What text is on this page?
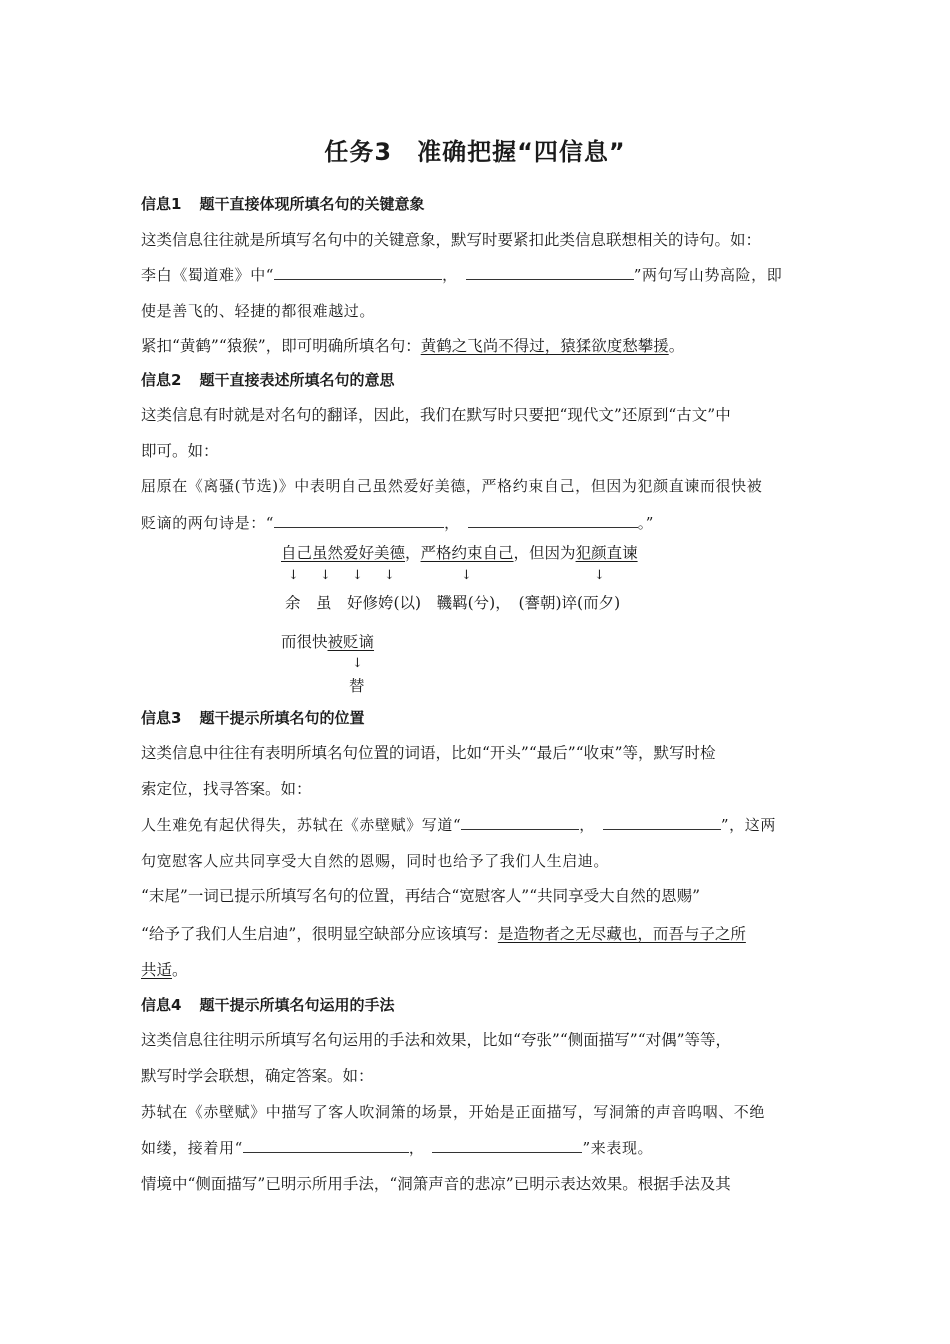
任务3　准确把握“四信息”
信息1 题干直接体现所填名句的关键意象
这类信息往往就是所填写名句中的关键意象，默写时要紧扣此类信息联想相关的诗句。如：
李白《蜀道难》中“	，	”两句写山势高险，即
使是善飞的、轻捷的都很难越过。
紧扣“黄鹤”“猿猴”，即可明确所填名句：黄鹤之飞尚不得过，猿猱欲度愁攀援。
信息2 题干直接表述所填名句的意思
这类信息有时就是对名句的翻译，因此，我们在默写时只要把“现代文”还原到“古文”中
即可。如：
屈原在《离骚(节选)》中表明自己虽然爱好美德，严格约束自己，但因为犯颜直谏而很快被
贬谪的两句诗是：“	，	。”
自己虽然爱好美德，严格约束自己，但因为犯颜直谏
↓ ↓ ↓ ↓	↓	↓
余　虽　好修姱(以)　鞿羁(兮)，　(謇朝)谇(而夕)
而很快被贬谪
↓
替
信息3 题干提示所填名句的位置
这类信息中往往有表明所填名句位置的词语，比如“开头”“最后”“收束”等，默写时检
索定位，找寻答案。如：
人生难免有起伏得失，苏轼在《赤壁赋》写道“	，	”，这两
句宽慰客人应共同享受大自然的恩赐，同时也给予了我们人生启迪。
“末尾”一词已提示所填写名句的位置，再结合“宽慰客人”“共同享受大自然的恩赐”
“给予了我们人生启迪”，很明显空缺部分应该填写：是造物者之无尽藏也，而吾与子之所
共适。
信息4 题干提示所填名句运用的手法
这类信息往往明示所填写名句运用的手法和效果，比如“夸张”“侧面描写”“对偶”等等，
默写时学会联想，确定答案。如：
苏轼在《赤壁赋》中描写了客人吹洞箫的场景，开始是正面描写，写洞箫的声音呜咽、不绝
如缕，接着用“	，	”来表现。
情境中“侧面描写”已明示所用手法，“洞箫声音的悲凉”已明示表达效果。根据手法及其
